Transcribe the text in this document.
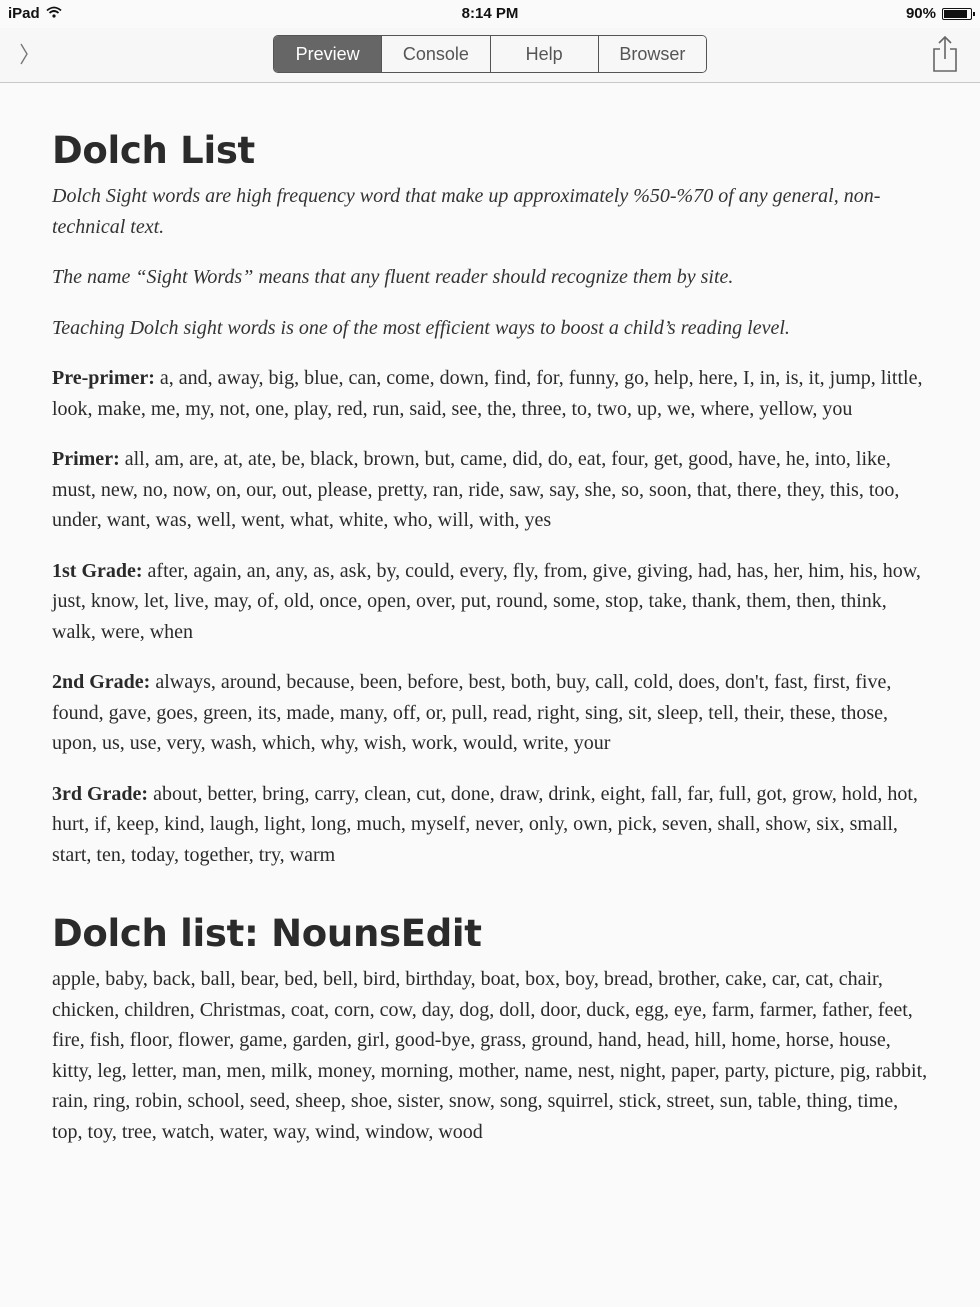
iPad	8:14 PM	90%
Preview	Console	Help	Browser
Dolch List

Dolch Sight words are high frequency word that make up approximately %50-%70 of any general, non-technical text.

The name “Sight Words” means that any fluent reader should recognize them by site.

Teaching Dolch sight words is one of the most efficient ways to boost a child’s reading level.

Pre-primer: a, and, away, big, blue, can, come, down, find, for, funny, go, help, here, I, in, is, it, jump, little, look, make, me, my, not, one, play, red, run, said, see, the, three, to, two, up, we, where, yellow, you

Primer: all, am, are, at, ate, be, black, brown, but, came, did, do, eat, four, get, good, have, he, into, like, must, new, no, now, on, our, out, please, pretty, ran, ride, saw, say, she, so, soon, that, there, they, this, too, under, want, was, well, went, what, white, who, will, with, yes

1st Grade: after, again, an, any, as, ask, by, could, every, fly, from, give, giving, had, has, her, him, his, how, just, know, let, live, may, of, old, once, open, over, put, round, some, stop, take, thank, them, then, think, walk, were, when

2nd Grade: always, around, because, been, before, best, both, buy, call, cold, does, don't, fast, first, five, found, gave, goes, green, its, made, many, off, or, pull, read, right, sing, sit, sleep, tell, their, these, those, upon, us, use, very, wash, which, why, wish, work, would, write, your

3rd Grade: about, better, bring, carry, clean, cut, done, draw, drink, eight, fall, far, full, got, grow, hold, hot, hurt, if, keep, kind, laugh, light, long, much, myself, never, only, own, pick, seven, shall, show, six, small, start, ten, today, together, try, warm

Dolch list: NounsEdit

apple, baby, back, ball, bear, bed, bell, bird, birthday, boat, box, boy, bread, brother, cake, car, cat, chair, chicken, children, Christmas, coat, corn, cow, day, dog, doll, door, duck, egg, eye, farm, farmer, father, feet, fire, fish, floor, flower, game, garden, girl, good-bye, grass, ground, hand, head, hill, home, horse, house, kitty, leg, letter, man, men, milk, money, morning, mother, name, nest, night, paper, party, picture, pig, rabbit, rain, ring, robin, school, seed, sheep, shoe, sister, snow, song, squirrel, stick, street, sun, table, thing, time, top, toy, tree, watch, water, way, wind, window, wood
